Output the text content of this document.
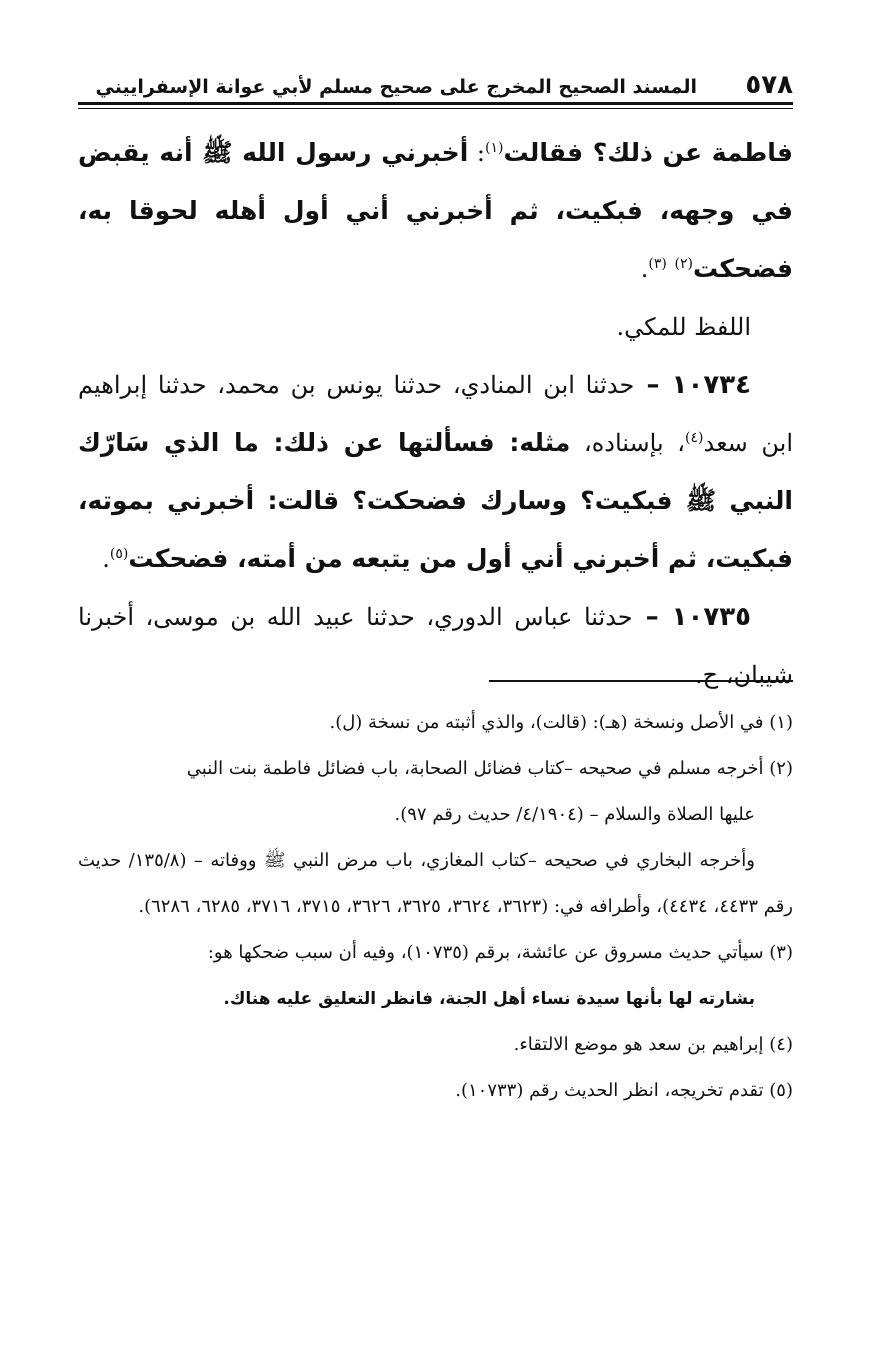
٥٧٨
المسند الصحيح المخرج على صحيح مسلم لأبي عوانة الإسفراييني

فاطمة عن ذلك؟ فقالت$^{(١)}$: أخبرني رسول الله ﷺ أنه يقبض في وجهه، فبكيت، ثم أخبرني أني أول أهله لحوقا به، فضحكت$^{(٢)}$ $^{(٣)}$.

اللفظ للمكي.

١٠٧٣٤ – حدثنا ابن المنادي، حدثنا يونس بن محمد، حدثنا إبراهيم ابن سعد$^{(٤)}$، بإسناده، مثله: فسألتها عن ذلك: ما الذي سَارّك النبي ﷺ فبكيت؟ وسارك فضحكت؟ قالت: أخبرني بموته، فبكيت، ثم أخبرني أني أول من يتبعه من أمته، فضحكت$^{(٥)}$.

١٠٧٣٥ – حدثنا عباس الدوري، حدثنا عبيد الله بن موسى، أخبرنا شيبان، ح.

(١) في الأصل ونسخة (هـ): (قالت)، والذي أثبته من نسخة (ل).

(٢) أخرجه مسلم في صحيحه –كتاب فضائل الصحابة، باب فضائل فاطمة بنت النبي

عليها الصلاة والسلام – (٤/١٩٠٤/ حديث رقم ٩٧).

وأخرجه البخاري في صحيحه –كتاب المغازي، باب مرض النبي ﷺ ووفاته – (١٣٥/٨/ حديث رقم ٤٤٣٣، ٤٤٣٤)، وأطرافه في: (٣٦٢٣، ٣٦٢٤، ٣٦٢٥، ٣٦٢٦، ٣٧١٥، ٣٧١٦، ٦٢٨٥، ٦٢٨٦).

(٣) سيأتي حديث مسروق عن عائشة، برقم (١٠٧٣٥)، وفيه أن سبب ضحكها هو:

بشارته لها بأنها سيدة نساء أهل الجنة، فانظر التعليق عليه هناك.

(٤) إبراهيم بن سعد هو موضع الالتقاء.

(٥) تقدم تخريجه، انظر الحديث رقم (١٠٧٣٣).
